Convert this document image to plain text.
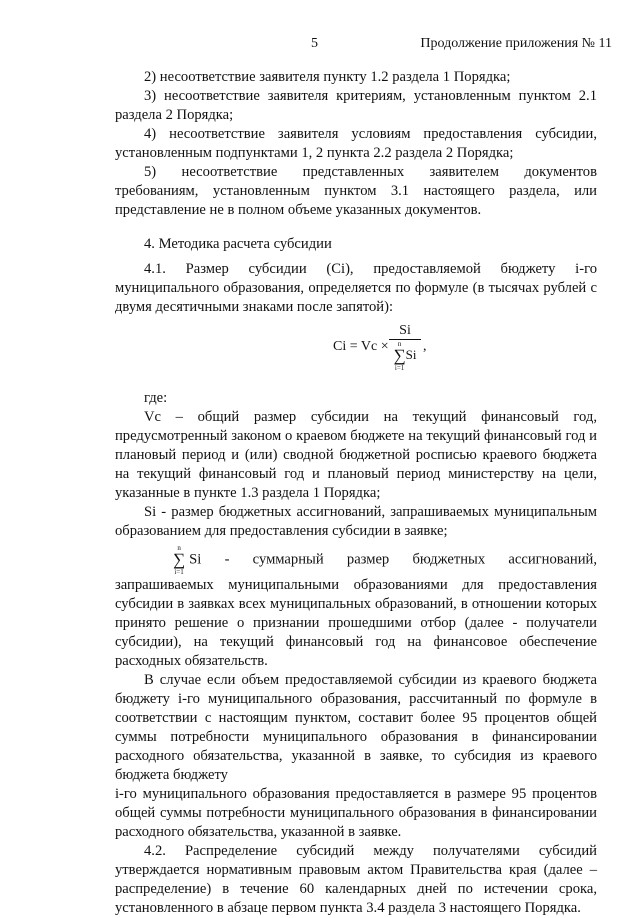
5	Продолжение приложения № 11

2) несоответствие заявителя пункту 1.2 раздела 1 Порядка;

3) несоответствие заявителя критериям, установленным пунктом 2.1 раздела 2 Порядка;

4) несоответствие заявителя условиям предоставления субсидии, установленным подпунктами 1, 2 пункта 2.2 раздела 2 Порядка;

5) несоответствие представленных заявителем документов требованиям, установленным пунктом 3.1 настоящего раздела, или представление не в полном объеме указанных документов.

4. Методика расчета субсидии

4.1. Размер субсидии (Ci), предоставляемой бюджету i-го муниципального образования, определяется по формуле (в тысячах рублей с двумя десятичными знаками после запятой):

Ci = Vc × Si
n
∑
i=1
Si ,

где:

Vc – общий размер субсидии на текущий финансовый год, предусмотренный законом о краевом бюджете на текущий финансовый год и плановый период и (или) сводной бюджетной росписью краевого бюджета на текущий финансовый год и плановый период министерству на цели, указанные в пункте 1.3 раздела 1 Порядка;

Si - размер бюджетных ассигнований, запрашиваемых муниципальным образованием для предоставления субсидии в заявке;

n
∑
i=1
Si - суммарный размер бюджетных ассигнований, запрашиваемых муниципальными образованиями для предоставления субсидии в заявках всех муниципальных образований, в отношении которых принято решение о признании прошедшими отбор (далее - получатели субсидии), на текущий финансовый год на финансовое обеспечение расходных обязательств.

В случае если объем предоставляемой субсидии из краевого бюджета бюджету i-го муниципального образования, рассчитанный по формуле в соответствии с настоящим пунктом, составит более 95 процентов общей суммы потребности муниципального образования в финансировании расходного обязательства, указанной в заявке, то субсидия из краевого бюджета бюджету

i-го муниципального образования предоставляется в размере 95 процентов общей суммы потребности муниципального образования в финансировании расходного обязательства, указанной в заявке.

4.2. Распределение субсидий между получателями субсидий утверждается нормативным правовым актом Правительства края (далее – распределение) в течение 60 календарных дней по истечении срока, установленного в абзаце первом пункта 3.4 раздела 3 настоящего Порядка.
